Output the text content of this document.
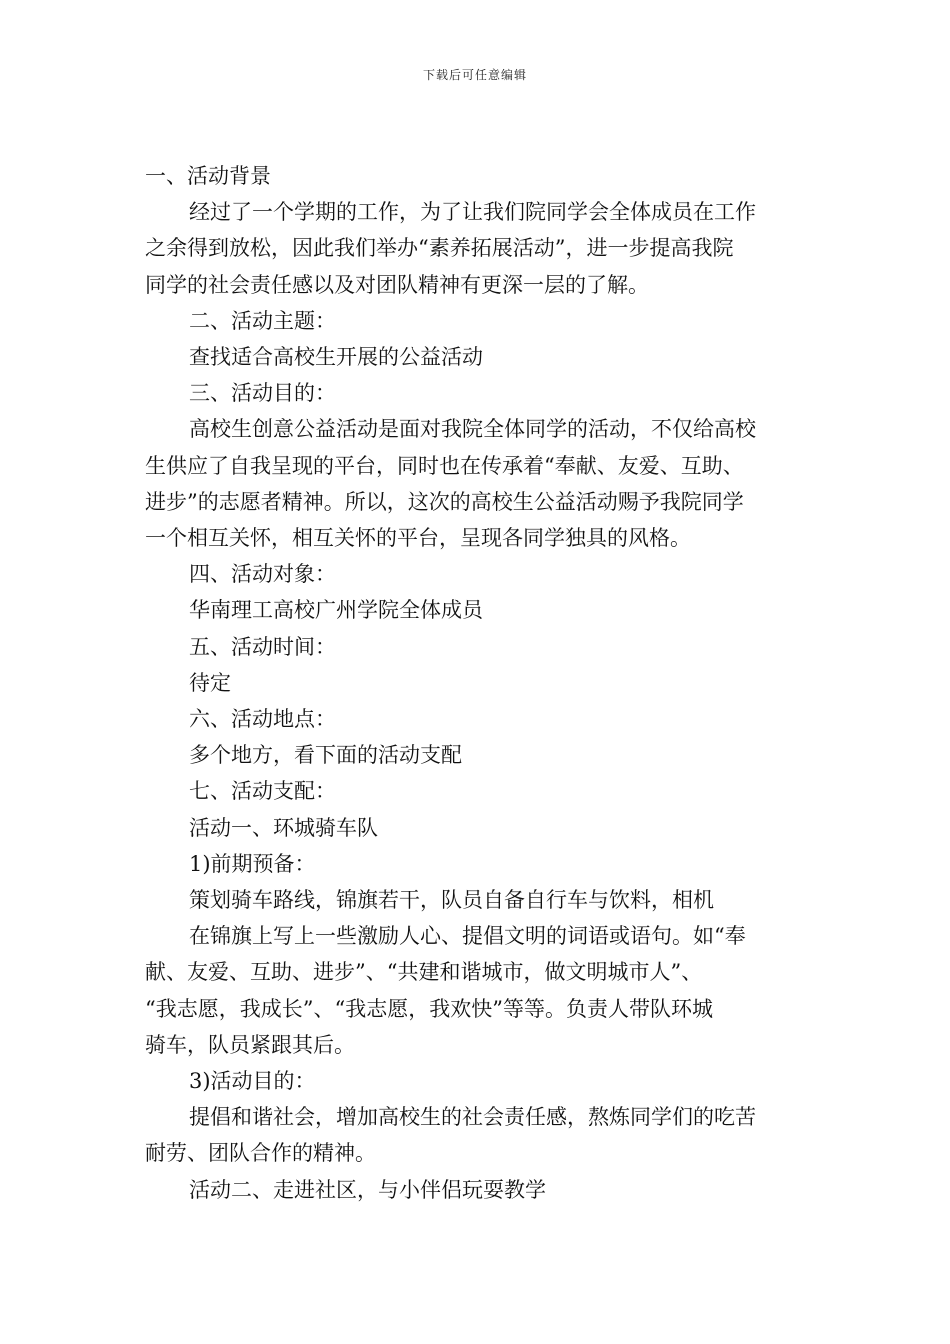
下载后可任意编辑

一、活动背景

经过了一个学期的工作，为了让我们院同学会全体成员在工作

之余得到放松，因此我们举办“素养拓展活动”，进一步提高我院

同学的社会责任感以及对团队精神有更深一层的了解。

二、活动主题：

查找适合高校生开展的公益活动

三、活动目的：

高校生创意公益活动是面对我院全体同学的活动，不仅给高校

生供应了自我呈现的平台，同时也在传承着“奉献、友爱、互助、

进步”的志愿者精神。所以，这次的高校生公益活动赐予我院同学

一个相互关怀，相互关怀的平台，呈现各同学独具的风格。

四、活动对象：

华南理工高校广州学院全体成员

五、活动时间：

待定

六、活动地点：

多个地方，看下面的活动支配

七、活动支配：

活动一、环城骑车队

1)前期预备：

策划骑车路线，锦旗若干，队员自备自行车与饮料，相机

在锦旗上写上一些激励人心、提倡文明的词语或语句。如“奉

献、友爱、互助、进步”、“共建和谐城市，做文明城市人”、

“我志愿，我成长”、“我志愿，我欢快”等等。负责人带队环城

骑车，队员紧跟其后。

3)活动目的：

提倡和谐社会，增加高校生的社会责任感，熬炼同学们的吃苦

耐劳、团队合作的精神。

活动二、走进社区，与小伴侣玩耍教学
